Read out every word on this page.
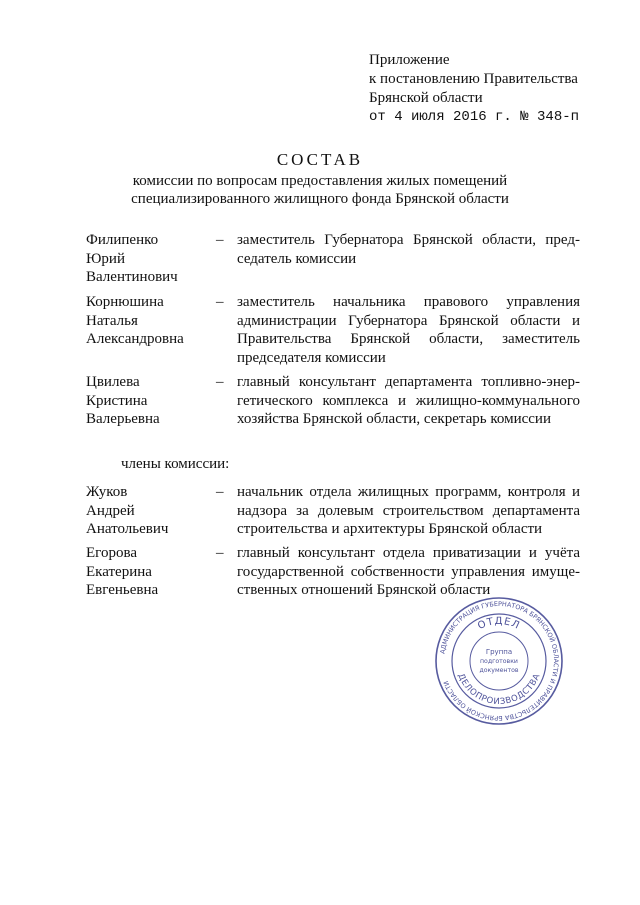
Приложение
к постановлению Правительства
Брянской области
от 4 июля 2016 г. № 348-п
СОСТАВ
комиссии по вопросам предоставления жилых помещений
специализированного жилищного фонда Брянской области
Филипенко
Юрий
Валентинович
– заместитель Губернатора Брянской области, пред-
седатель комиссии
Корнюшина
Наталья
Александровна
– заместитель начальника правового управления
администрации Губернатора Брянской области и
Правительства Брянской области, заместитель
председателя комиссии
Цвилева
Кристина
Валерьевна
– главный консультант департамента топливно-энер-
гетического комплекса и жилищно-коммунального
хозяйства Брянской области, секретарь комиссии
члены комиссии:
Жуков
Андрей
Анатольевич
– начальник отдела жилищных программ, контроля и
надзора за долевым строительством департамента
строительства и архитектуры Брянской области
Егорова
Екатерина
Евгеньевна
– главный консультант отдела приватизации и учёта
государственной собственности управления имуще-
ственных отношений Брянской области
АДМИНИСТРАЦИЯ ГУБЕРНАТОРА БРЯНСКОЙ ОБЛАСТИ И ПРАВИТЕЛЬСТВА БРЯНСКОЙ ОБЛАСТИ
ОТДЕЛ
ДЕЛОПРОИЗВОДСТВА
Группа
подготовки
документов
